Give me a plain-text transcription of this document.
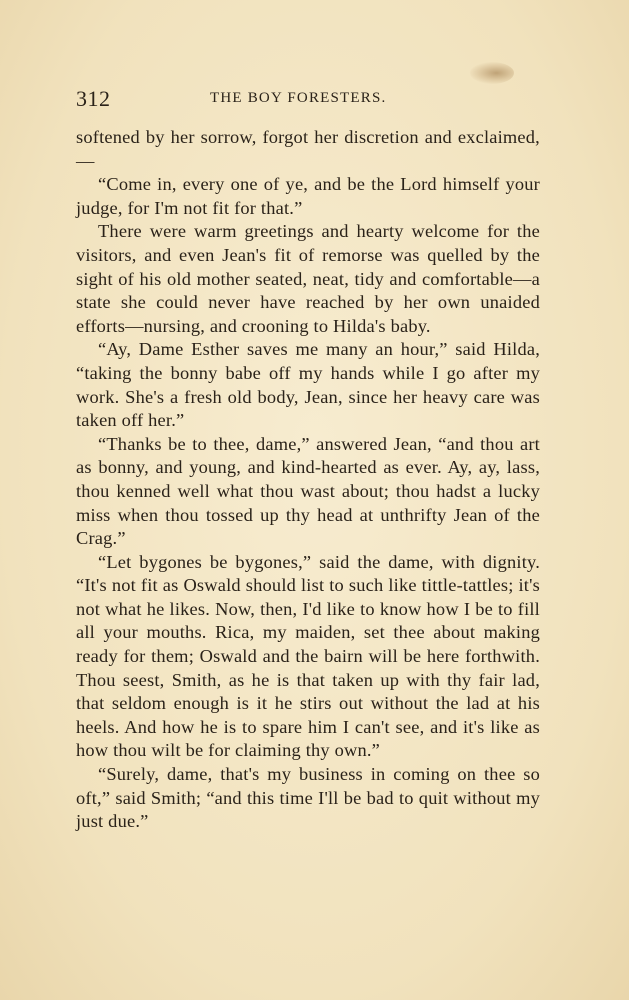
312	THE BOY FORESTERS.

softened by her sorrow, forgot her discretion and exclaimed,—

“Come in, every one of ye, and be the Lord himself your judge, for I'm not fit for that.”

There were warm greetings and hearty welcome for the visitors, and even Jean's fit of remorse was quelled by the sight of his old mother seated, neat, tidy and comfortable—a state she could never have reached by her own unaided efforts—nursing, and crooning to Hilda's baby.

“Ay, Dame Esther saves me many an hour,” said Hilda, “taking the bonny babe off my hands while I go after my work. She's a fresh old body, Jean, since her heavy care was taken off her.”

“Thanks be to thee, dame,” answered Jean, “and thou art as bonny, and young, and kind-hearted as ever. Ay, ay, lass, thou kenned well what thou wast about; thou hadst a lucky miss when thou tossed up thy head at unthrifty Jean of the Crag.”

“Let bygones be bygones,” said the dame, with dignity. “It's not fit as Oswald should list to such like tittle-tattles; it's not what he likes. Now, then, I'd like to know how I be to fill all your mouths. Rica, my maiden, set thee about making ready for them; Oswald and the bairn will be here forthwith. Thou seest, Smith, as he is that taken up with thy fair lad, that seldom enough is it he stirs out without the lad at his heels. And how he is to spare him I can't see, and it's like as how thou wilt be for claiming thy own.”

“Surely, dame, that's my business in coming on thee so oft,” said Smith; “and this time I'll be bad to quit without my just due.”
